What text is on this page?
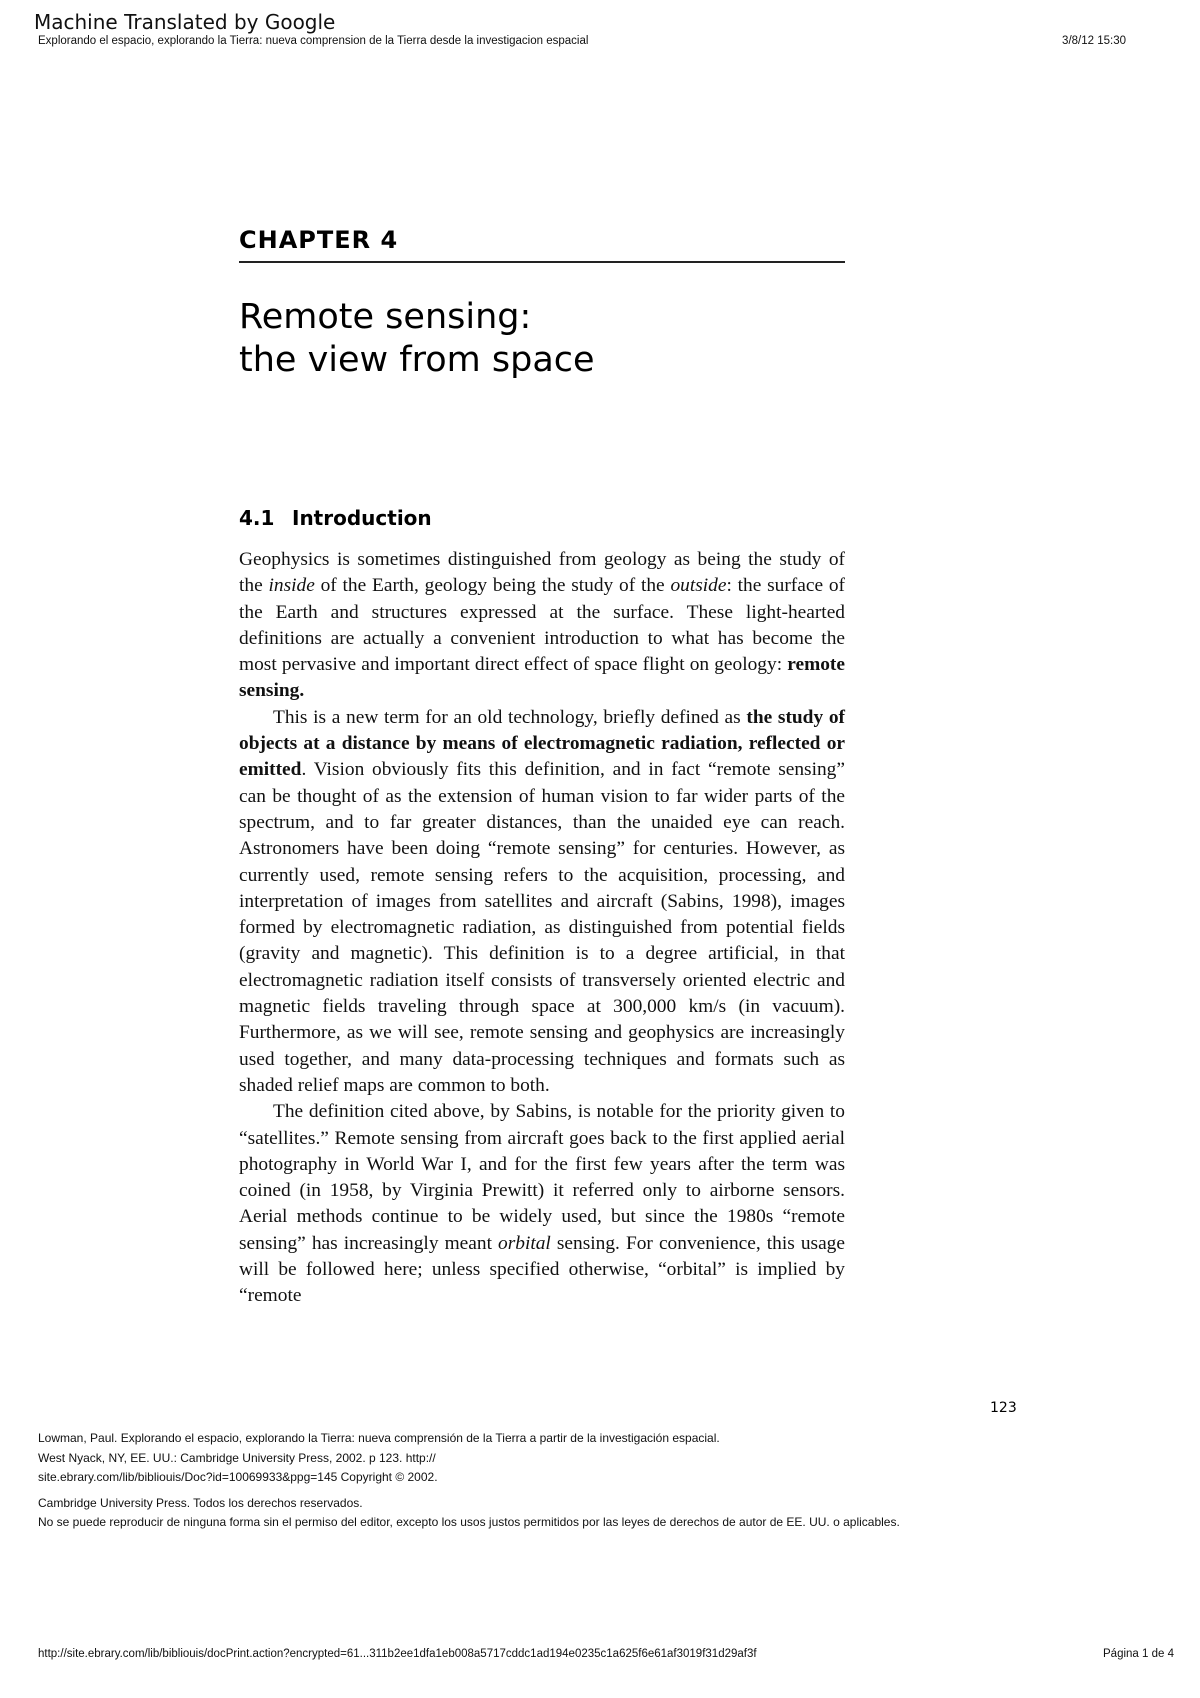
Machine Translated by Google
Explorando el espacio, explorando la Tierra: nueva comprension de la Tierra desde la investigacion espacial	3/8/12 15:30
CHAPTER 4
Remote sensing:
the view from space
4.1 Introduction

Geophysics is sometimes distinguished from geology as being the study of the inside of the Earth, geology being the study of the outside: the surface of the Earth and structures expressed at the surface. These light-hearted definitions are actually a convenient introduction to what has become the most pervasive and important direct effect of space flight on geology: remote sensing.

This is a new term for an old technology, briefly defined as the study of objects at a distance by means of electromagnetic radiation, reflected or emitted. Vision obviously fits this definition, and in fact “remote sensing” can be thought of as the extension of human vision to far wider parts of the spectrum, and to far greater distances, than the unaided eye can reach. Astronomers have been doing “remote sensing” for centuries. However, as currently used, remote sensing refers to the acquisition, processing, and interpretation of images from satellites and aircraft (Sabins, 1998), images formed by electromagnetic radiation, as distinguished from potential fields (gravity and magnetic). This definition is to a degree artificial, in that electromagnetic radiation itself consists of transversely oriented electric and magnetic fields traveling through space at 300,000 km/s (in vacuum). Furthermore, as we will see, remote sensing and geophysics are increasingly used together, and many data-processing techniques and formats such as shaded relief maps are common to both.

The definition cited above, by Sabins, is notable for the priority given to “satellites.” Remote sensing from aircraft goes back to the first applied aerial photography in World War I, and for the first few years after the term was coined (in 1958, by Virginia Prewitt) it referred only to airborne sensors. Aerial methods continue to be widely used, but since the 1980s “remote sensing” has increasingly meant orbital sensing. For convenience, this usage will be followed here; unless specified otherwise, “orbital” is implied by “remote

123
Lowman, Paul. Explorando el espacio, explorando la Tierra: nueva comprensión de la Tierra a partir de la investigación espacial.
West Nyack, NY, EE. UU.: Cambridge University Press, 2002. p 123. http://
site.ebrary.com/lib/bibliouis/Doc?id=10069933&ppg=145 Copyright © 2002.
Cambridge University Press. Todos los derechos reservados.
No se puede reproducir de ninguna forma sin el permiso del editor, excepto los usos justos permitidos por las leyes de derechos de autor de EE. UU. o aplicables.
http://site.ebrary.com/lib/bibliouis/docPrint.action?encrypted=61...311b2ee1dfa1eb008a5717cddc1ad194e0235c1a625f6e61af3019f31d29af3f	Página 1 de 4
